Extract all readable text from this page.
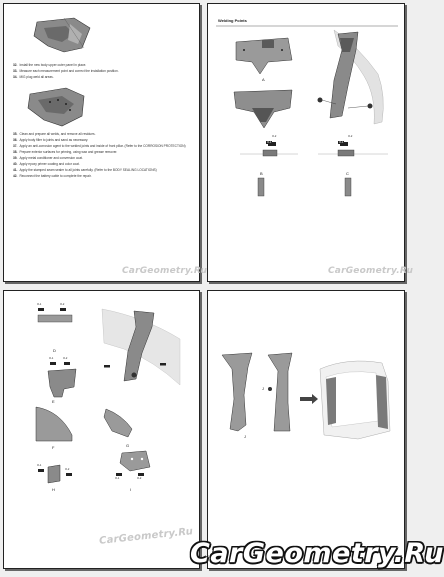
32. Install the new body upper outer panel in place.
33. Measure each measurement point and correct the installation position.
34. MIG plug weld all areas.
35. Clean and prepare all welds, and remove all residues.
36. Apply body filler to joints and sand as necessary.
37. Apply an anti-corrosion agent to the welded joints and inside of front pillar. (Refer to the CORROSION PROTECTION)
38. Prepare exterior surfaces for priming, using wax and grease remover.
39. Apply metal conditioner and conversion coat.
40. Apply epoxy primer coating and color coat.
41. Apply the stamped seam sealer to all joints carefully. (Refer to the BODY SEALING LOCATIONS)
42. Reconnect the battery cable to complete the repair.
CarGeometry.Ru
Welding Points
A
B	C
O-1
O-2
O-1
O-2
CarGeometry.Ru
D
E
F	G
H	I
O-1	O-2
O-1	O-2
O-1
O-2
O-1	O-2
CarGeometry.Ru
J
J
CarGeometry.Ru
